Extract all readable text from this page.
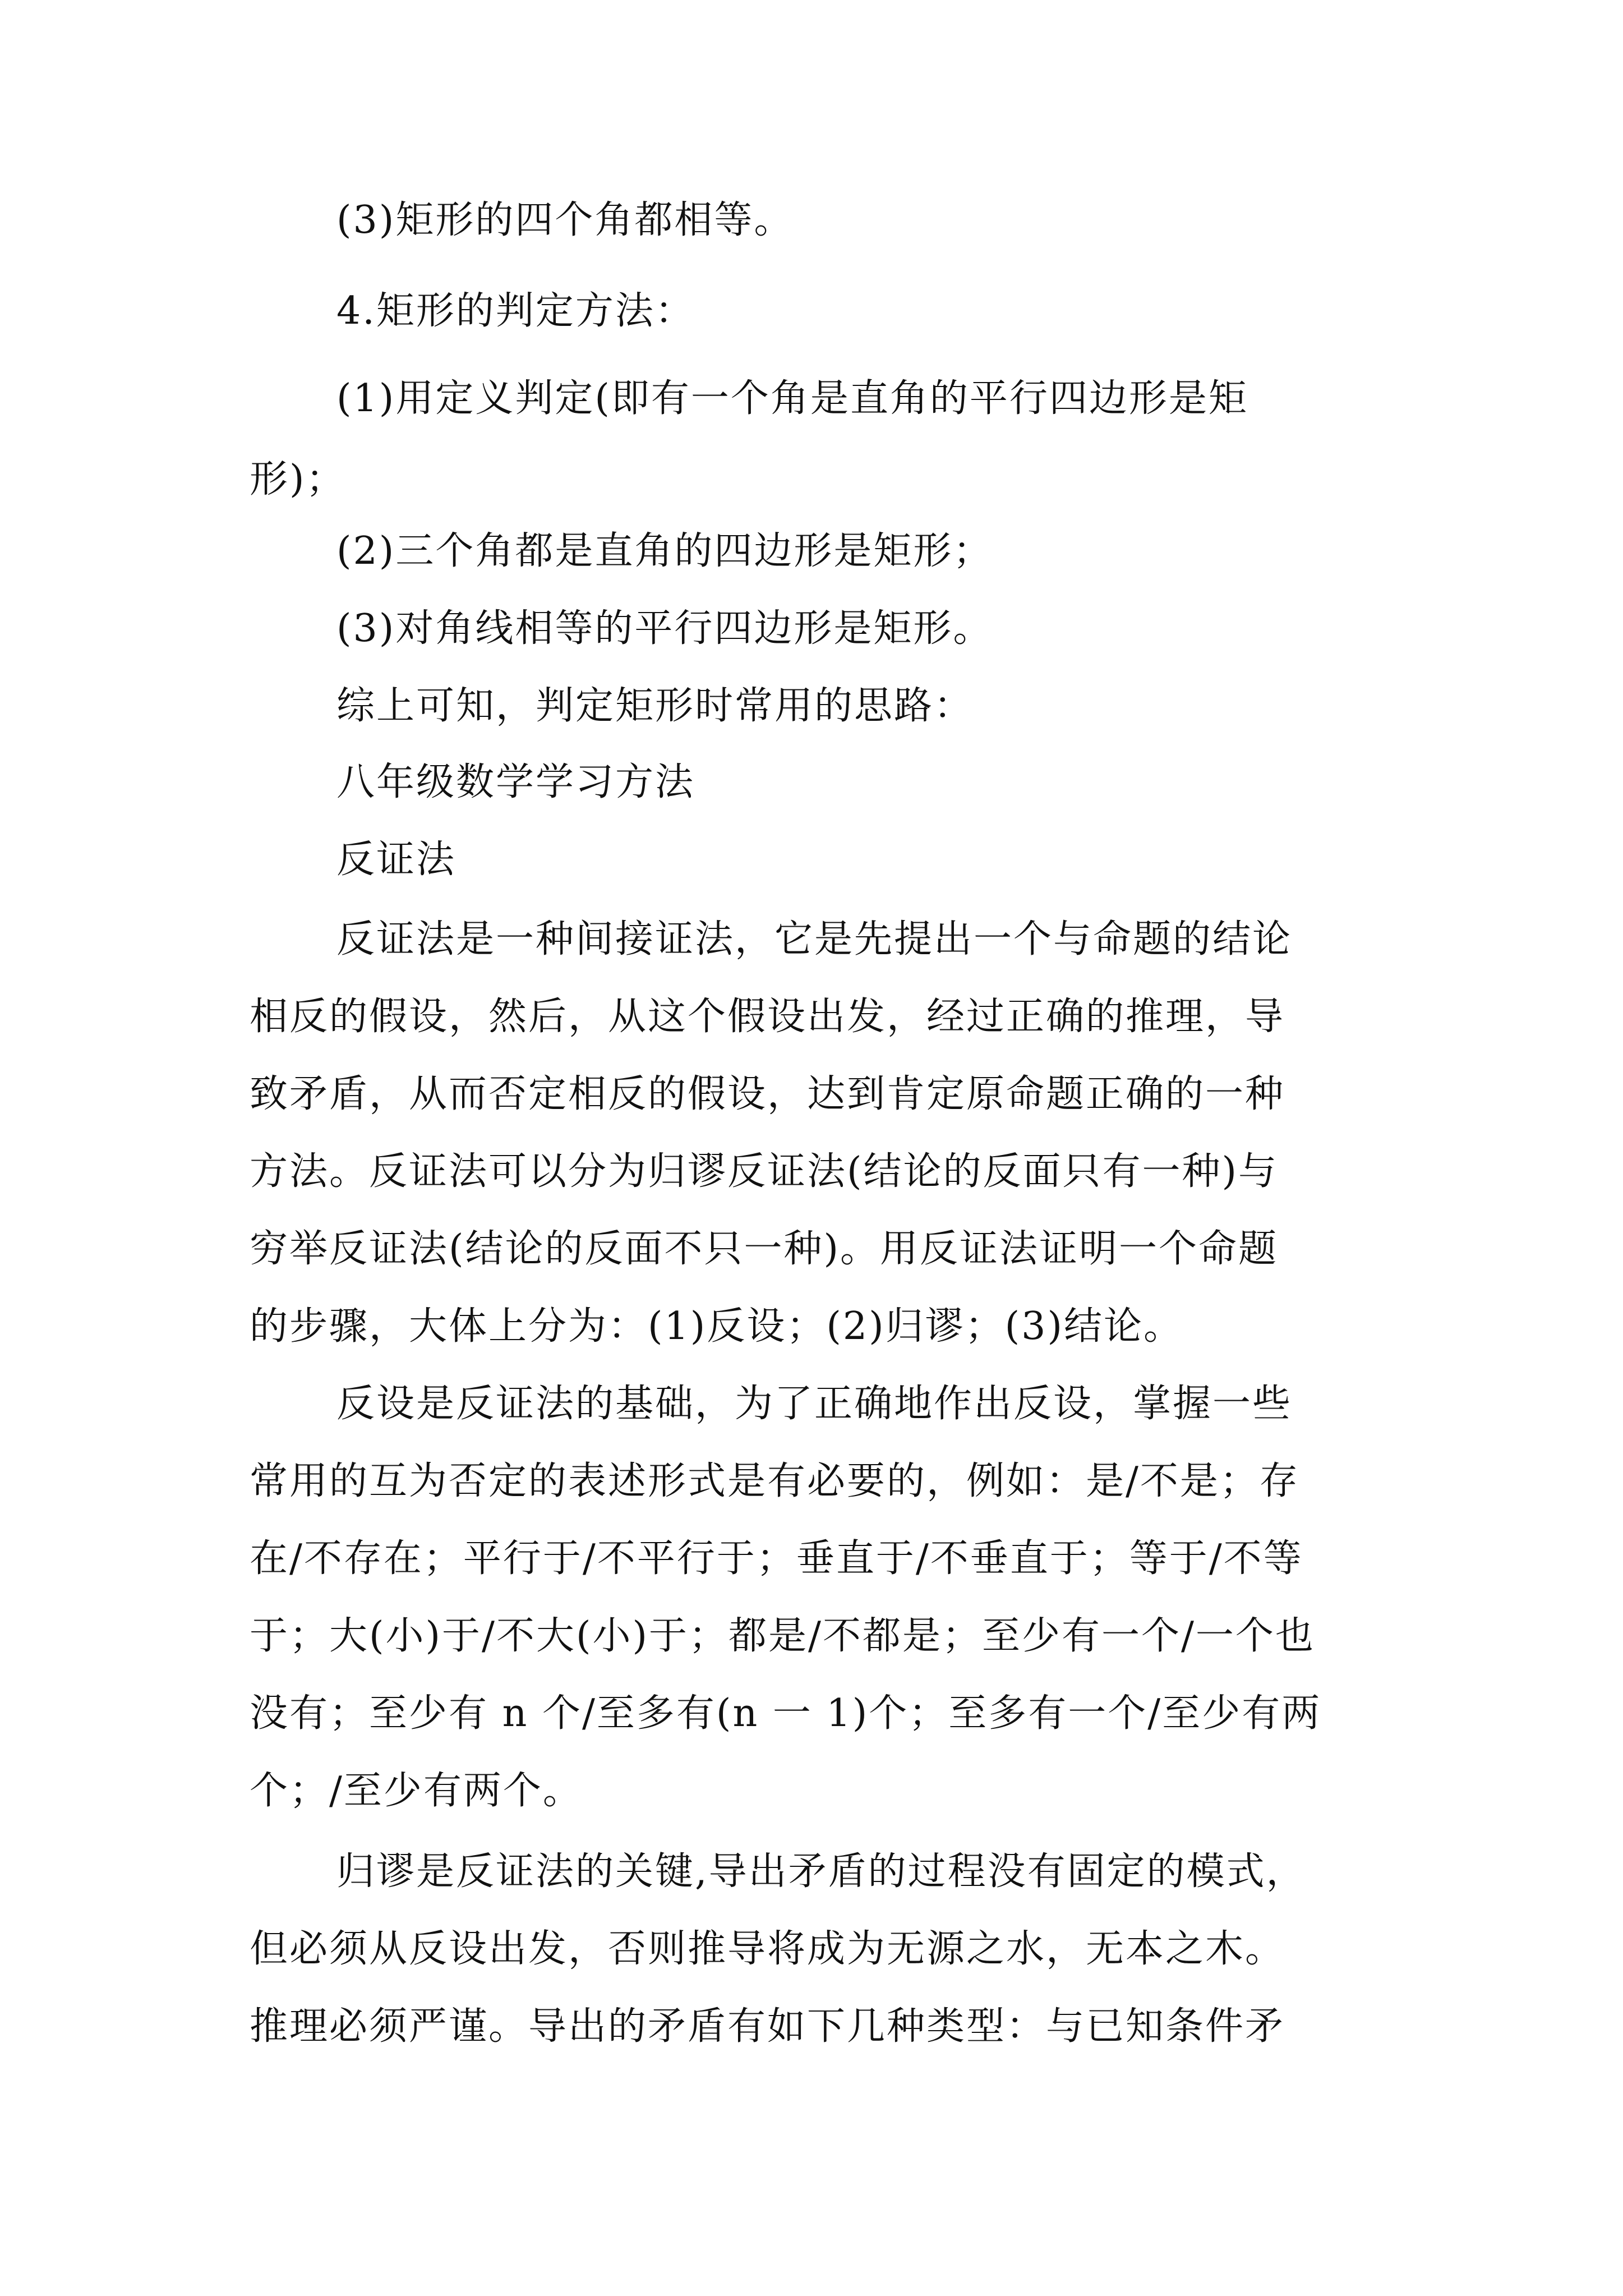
(3)矩形的四个角都相等。
4.矩形的判定方法：
(1)用定义判定(即有一个角是直角的平行四边形是矩
形)；
(2)三个角都是直角的四边形是矩形；
(3)对角线相等的平行四边形是矩形。
综上可知，判定矩形时常用的思路：
八年级数学学习方法
反证法
反证法是一种间接证法，它是先提出一个与命题的结论
相反的假设，然后，从这个假设出发，经过正确的推理，导
致矛盾，从而否定相反的假设，达到肯定原命题正确的一种
方法。反证法可以分为归谬反证法(结论的反面只有一种)与
穷举反证法(结论的反面不只一种)。用反证法证明一个命题
的步骤，大体上分为：(1)反设；(2)归谬；(3)结论。
反设是反证法的基础，为了正确地作出反设，掌握一些
常用的互为否定的表述形式是有必要的，例如：是/不是；存
在/不存在；平行于/不平行于；垂直于/不垂直于；等于/不等
于；大(小)于/不大(小)于；都是/不都是；至少有一个/一个也
没有；至少有 n 个/至多有(n 一 1)个；至多有一个/至少有两
个；/至少有两个。
归谬是反证法的关键,导出矛盾的过程没有固定的模式，
但必须从反设出发，否则推导将成为无源之水，无本之木。
推理必须严谨。导出的矛盾有如下几种类型：与已知条件矛
